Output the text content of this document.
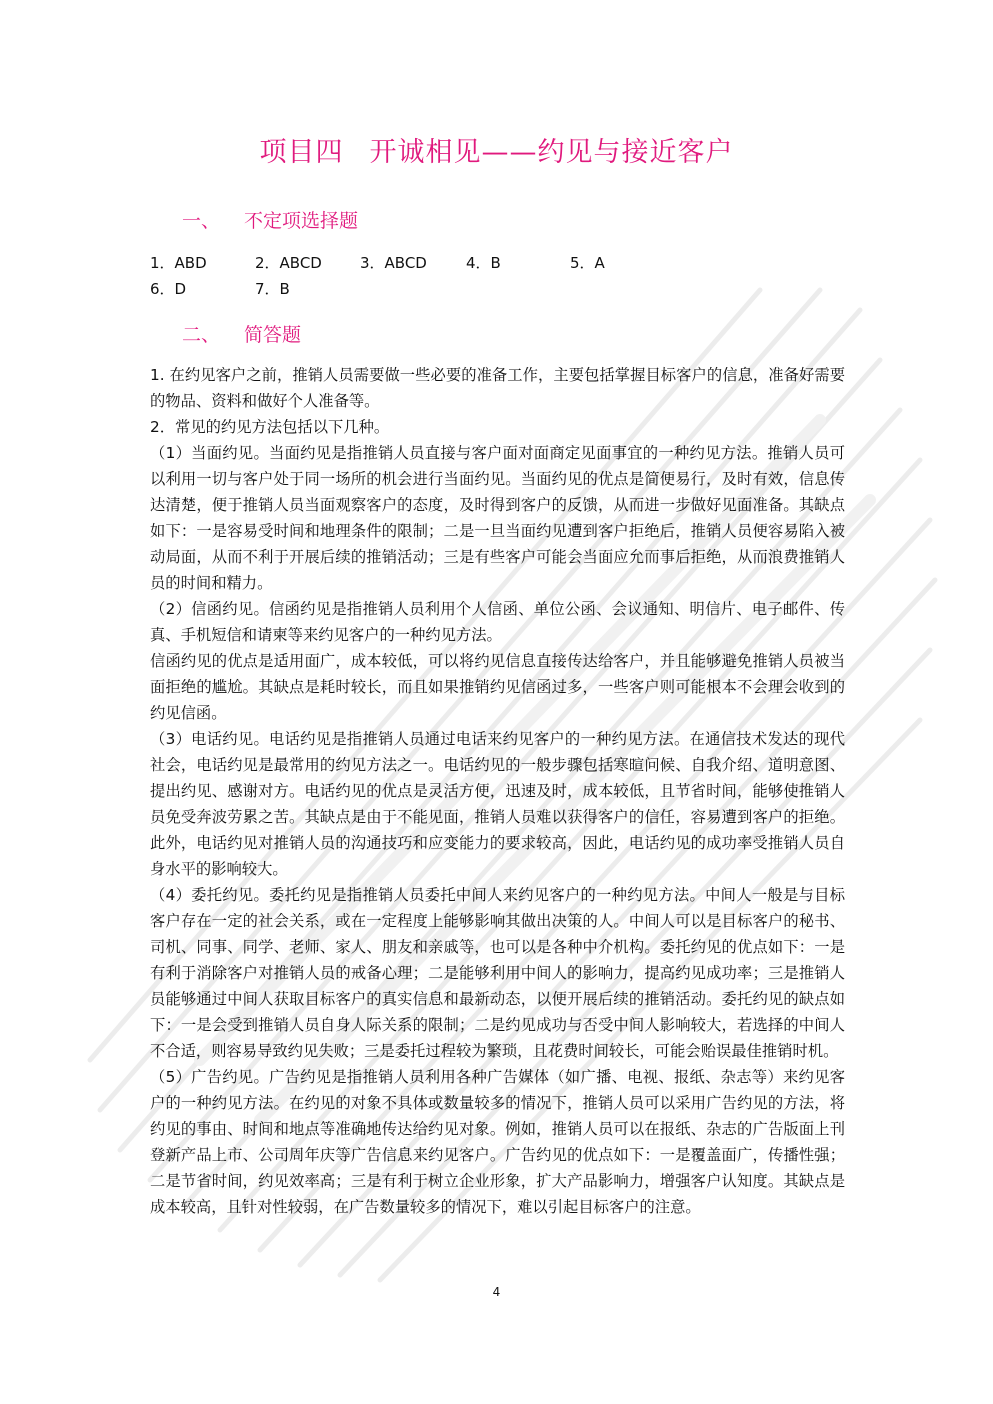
项目四 开诚相见——约见与接近客户
一、 不定项选择题
1．ABD	2．ABCD	3．ABCD	4．B	5．A
6．D	7．B
二、 简答题

1. 在约见客户之前，推销人员需要做一些必要的准备工作，主要包括掌握目标客户的信息，准备好需要的物品、资料和做好个人准备等。

2．常见的约见方法包括以下几种。

（1）当面约见。当面约见是指推销人员直接与客户面对面商定见面事宜的一种约见方法。推销人员可以利用一切与客户处于同一场所的机会进行当面约见。当面约见的优点是简便易行，及时有效，信息传达清楚，便于推销人员当面观察客户的态度，及时得到客户的反馈，从而进一步做好见面准备。其缺点如下：一是容易受时间和地理条件的限制；二是一旦当面约见遭到客户拒绝后，推销人员便容易陷入被动局面，从而不利于开展后续的推销活动；三是有些客户可能会当面应允而事后拒绝，从而浪费推销人员的时间和精力。

（2）信函约见。信函约见是指推销人员利用个人信函、单位公函、会议通知、明信片、电子邮件、传真、手机短信和请柬等来约见客户的一种约见方法。

信函约见的优点是适用面广，成本较低，可以将约见信息直接传达给客户，并且能够避免推销人员被当面拒绝的尴尬。其缺点是耗时较长，而且如果推销约见信函过多，一些客户则可能根本不会理会收到的约见信函。

（3）电话约见。电话约见是指推销人员通过电话来约见客户的一种约见方法。在通信技术发达的现代社会，电话约见是最常用的约见方法之一。电话约见的一般步骤包括寒暄问候、自我介绍、道明意图、提出约见、感谢对方。电话约见的优点是灵活方便，迅速及时，成本较低，且节省时间，能够使推销人员免受奔波劳累之苦。其缺点是由于不能见面，推销人员难以获得客户的信任，容易遭到客户的拒绝。此外，电话约见对推销人员的沟通技巧和应变能力的要求较高，因此，电话约见的成功率受推销人员自身水平的影响较大。

（4）委托约见。委托约见是指推销人员委托中间人来约见客户的一种约见方法。中间人一般是与目标客户存在一定的社会关系，或在一定程度上能够影响其做出决策的人。中间人可以是目标客户的秘书、司机、同事、同学、老师、家人、朋友和亲戚等，也可以是各种中介机构。委托约见的优点如下：一是有利于消除客户对推销人员的戒备心理；二是能够利用中间人的影响力，提高约见成功率；三是推销人员能够通过中间人获取目标客户的真实信息和最新动态，以便开展后续的推销活动。委托约见的缺点如下：一是会受到推销人员自身人际关系的限制；二是约见成功与否受中间人影响较大，若选择的中间人不合适，则容易导致约见失败；三是委托过程较为繁琐，且花费时间较长，可能会贻误最佳推销时机。

（5）广告约见。广告约见是指推销人员利用各种广告媒体（如广播、电视、报纸、杂志等）来约见客户的一种约见方法。在约见的对象不具体或数量较多的情况下，推销人员可以采用广告约见的方法，将约见的事由、时间和地点等准确地传达给约见对象。例如，推销人员可以在报纸、杂志的广告版面上刊登新产品上市、公司周年庆等广告信息来约见客户。广告约见的优点如下：一是覆盖面广，传播性强；二是节省时间，约见效率高；三是有利于树立企业形象，扩大产品影响力，增强客户认知度。其缺点是成本较高，且针对性较弱，在广告数量较多的情况下，难以引起目标客户的注意。

4
